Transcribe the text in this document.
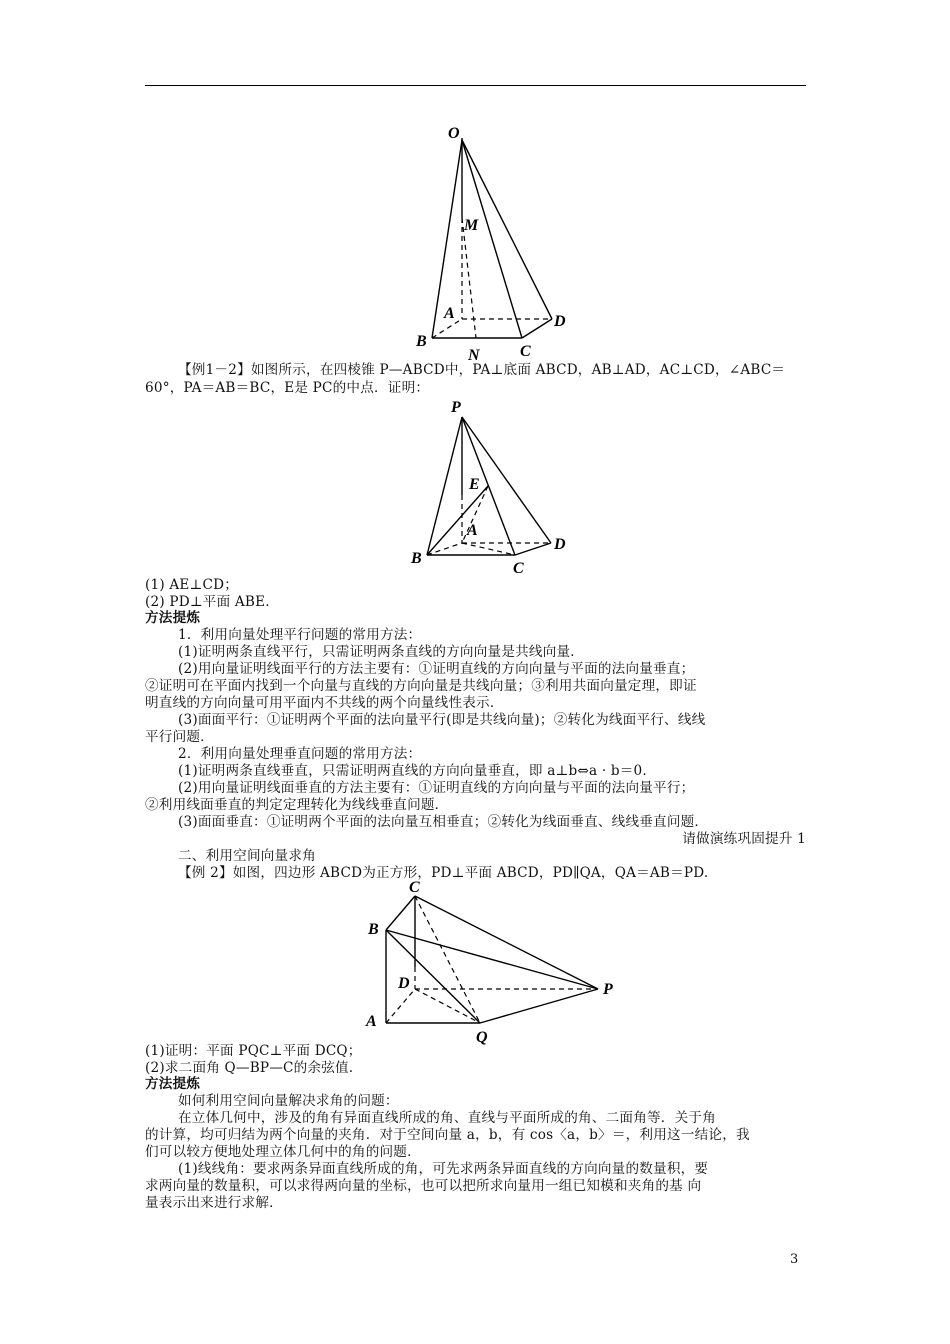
O
M
A
B
N	C
D
【例1－2】如图所示，在四棱锥 P—ABCD中，PA⊥底面 ABCD，AB⊥AD，AC⊥CD，∠ABC＝
60°，PA＝AB＝BC，E是 PC的中点．证明：
P
E
A
B
C
D
(1) AE⊥CD；
(2) PD⊥平面 ABE.
方法提炼
1．利用向量处理平行问题的常用方法：
(1)证明两条直线平行，只需证明两条直线的方向向量是共线向量．
(2)用向量证明线面平行的方法主要有：①证明直线的方向向量与平面的法向量垂直；
②证明可在平面内找到一个向量与直线的方向向量是共线向量；③利用共面向量定理，即证
明直线的方向向量可用平面内不共线的两个向量线性表示．
(3)面面平行：①证明两个平面的法向量平行(即是共线向量)；②转化为线面平行、线线
平行问题．
2．利用向量处理垂直问题的常用方法：
(1)证明两条直线垂直，只需证明两直线的方向向量垂直，即 a⊥b⇔a · b＝0.
(2)用向量证明线面垂直的方法主要有：①证明直线的方向向量与平面的法向量平行；
②利用线面垂直的判定定理转化为线线垂直问题．
(3)面面垂直：①证明两个平面的法向量互相垂直；②转化为线面垂直、线线垂直问题．
请做演练巩固提升 1
二、利用空间向量求角
【例 2】如图，四边形 ABCD为正方形，PD⊥平面 ABCD，PD∥QA，QA＝AB＝PD.
C
B
D	P
A
Q
(1)证明：平面 PQC⊥平面 DCQ；
(2)求二面角 Q—BP—C的余弦值.
方法提炼
如何利用空间向量解决求角的问题：
在立体几何中，涉及的角有异面直线所成的角、直线与平面所成的角、二面角等．关于角
的计算，均可归结为两个向量的夹角．对于空间向量 a，b，有 cos〈a，b〉＝，利用这一结论，我
们可以较方便地处理立体几何中的角的问题．
(1)线线角：要求两条异面直线所成的角，可先求两条异面直线的方向向量的数量积，要
求两向量的数量积，可以求得两向量的坐标，也可以把所求向量用一组已知模和夹角的基 向
量表示出来进行求解．
3
